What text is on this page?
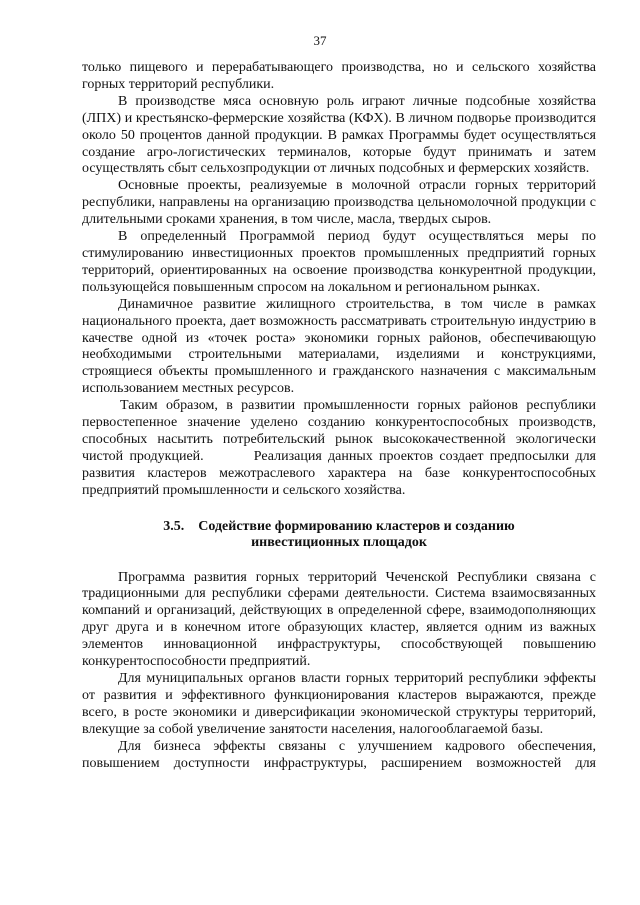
37

только пищевого и перерабатывающего производства, но и сельского хозяйства горных территорий республики.

В производстве мяса основную роль играют личные подсобные хозяйства (ЛПХ) и крестьянско-фермерские хозяйства (КФХ). В личном подворье производится около 50 процентов данной продукции. В рамках Программы будет осуществляться создание агро-логистических терминалов, которые будут принимать и затем осуществлять сбыт сельхозпродукции от личных подсобных и фермерских хозяйств.

Основные проекты, реализуемые в молочной отрасли горных территорий республики, направлены на организацию производства цельномолочной продукции с длительными сроками хранения, в том числе, масла, твердых сыров.

В определенный Программой период будут осуществляться меры по стимулированию инвестиционных проектов промышленных предприятий горных территорий, ориентированных на освоение производства конкурентной продукции, пользующейся повышенным спросом на локальном и региональном рынках.

Динамичное развитие жилищного строительства, в том числе в рамках национального проекта, дает возможность рассматривать строительную индустрию в качестве одной из «точек роста» экономики горных районов, обеспечивающую необходимыми строительными материалами, изделиями и конструкциями, строящиеся объекты промышленного и гражданского назначения с максимальным использованием местных ресурсов.

Таким образом, в развитии промышленности горных районов республики первостепенное значение уделено созданию конкурентоспособных производств, способных насытить потребительский рынок высококачественной экологически чистой продукцией.        Реализация данных проектов создает предпосылки для развития кластеров межотраслевого характера на базе конкурентоспособных предприятий промышленности и сельского хозяйства.

3.5. Содействие формированию кластеров и созданию
инвестиционных площадок

Программа развития горных территорий Чеченской Республики связана с традиционными для республики сферами деятельности. Система взаимосвязанных компаний и организаций, действующих в определенной сфере, взаимодополняющих друг друга и в конечном итоге образующих кластер, является одним из важных элементов инновационной инфраструктуры, способствующей повышению конкурентоспособности предприятий.

Для муниципальных органов власти горных территорий республики эффекты от развития и эффективного функционирования кластеров выражаются, прежде всего, в росте экономики и диверсификации экономической структуры территорий, влекущие за собой увеличение занятости населения, налогооблагаемой базы.

Для бизнеса эффекты связаны с улучшением кадрового обеспечения, повышением доступности инфраструктуры, расширением возможностей для
